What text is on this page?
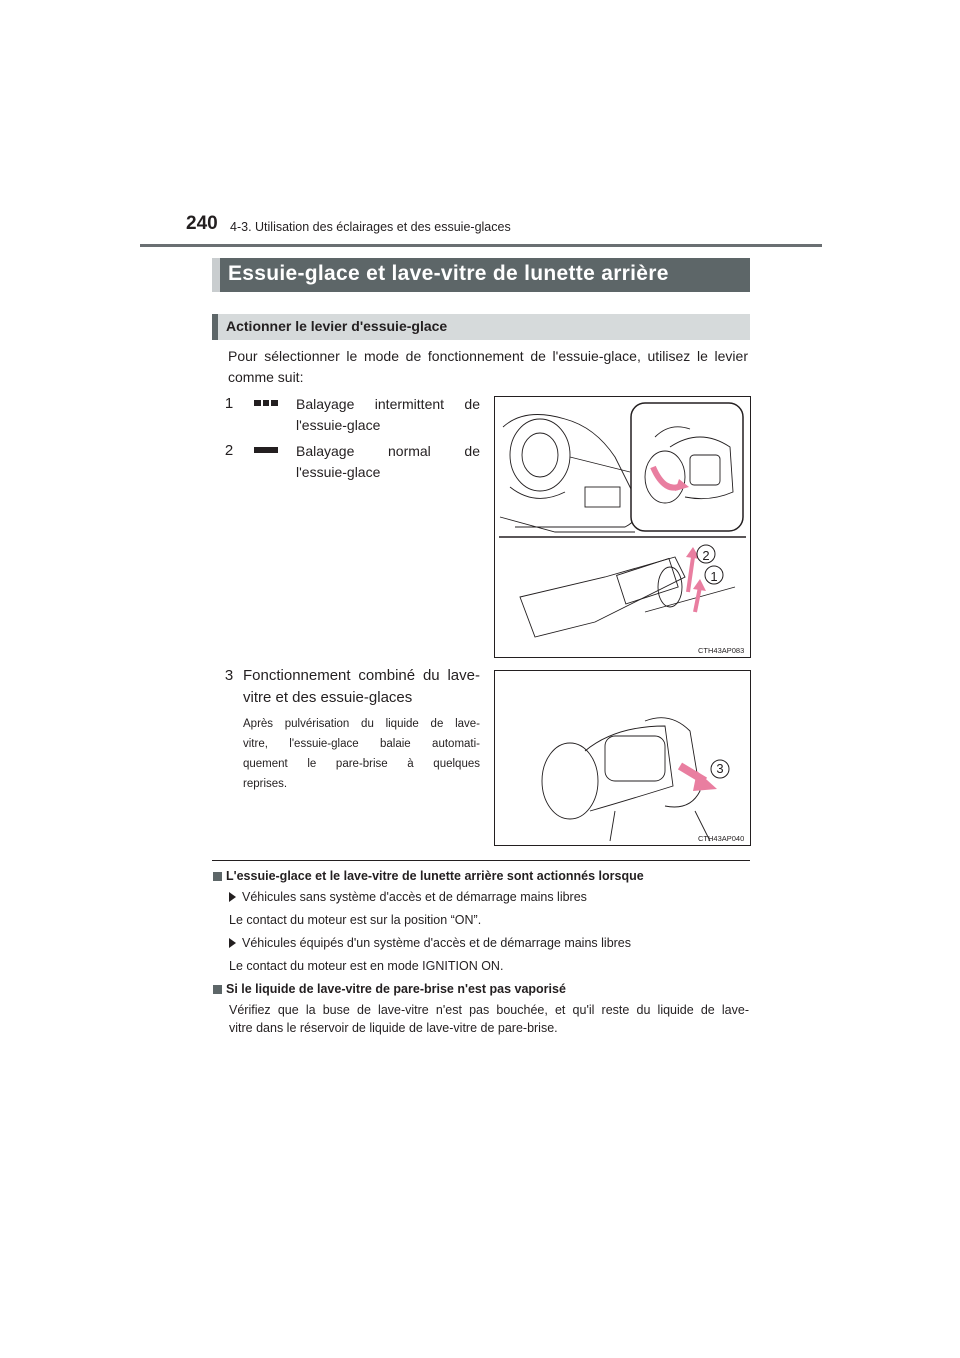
240 4-3. Utilisation des éclairages et des essuie-glaces
Essuie-glace et lave-vitre de lunette arrière
Actionner le levier d'essuie-glace
Pour sélectionner le mode de fonctionnement de l'essuie-glace, utilisez le levier comme suit:
1	Balayage intermittent de
l'essuie-glace
2	Balayage normal de
l'essuie-glace
2
1
CTH43AP083
3 Fonctionnement combiné du lave-
vitre et des essuie-glaces
Après pulvérisation du liquide de lave-
vitre, l'essuie-glace balaie automati-
quement le pare-brise à quelques
reprises.
3
CTH43AP040
L'essuie-glace et le lave-vitre de lunette arrière sont actionnés lorsque
Véhicules sans système d'accès et de démarrage mains libres
Le contact du moteur est sur la position “ON”.
Véhicules équipés d'un système d'accès et de démarrage mains libres
Le contact du moteur est en mode IGNITION ON.
Si le liquide de lave-vitre de pare-brise n'est pas vaporisé
Vérifiez que la buse de lave-vitre n'est pas bouchée, et qu'il reste du liquide de lave-
vitre dans le réservoir de liquide de lave-vitre de pare-brise.
